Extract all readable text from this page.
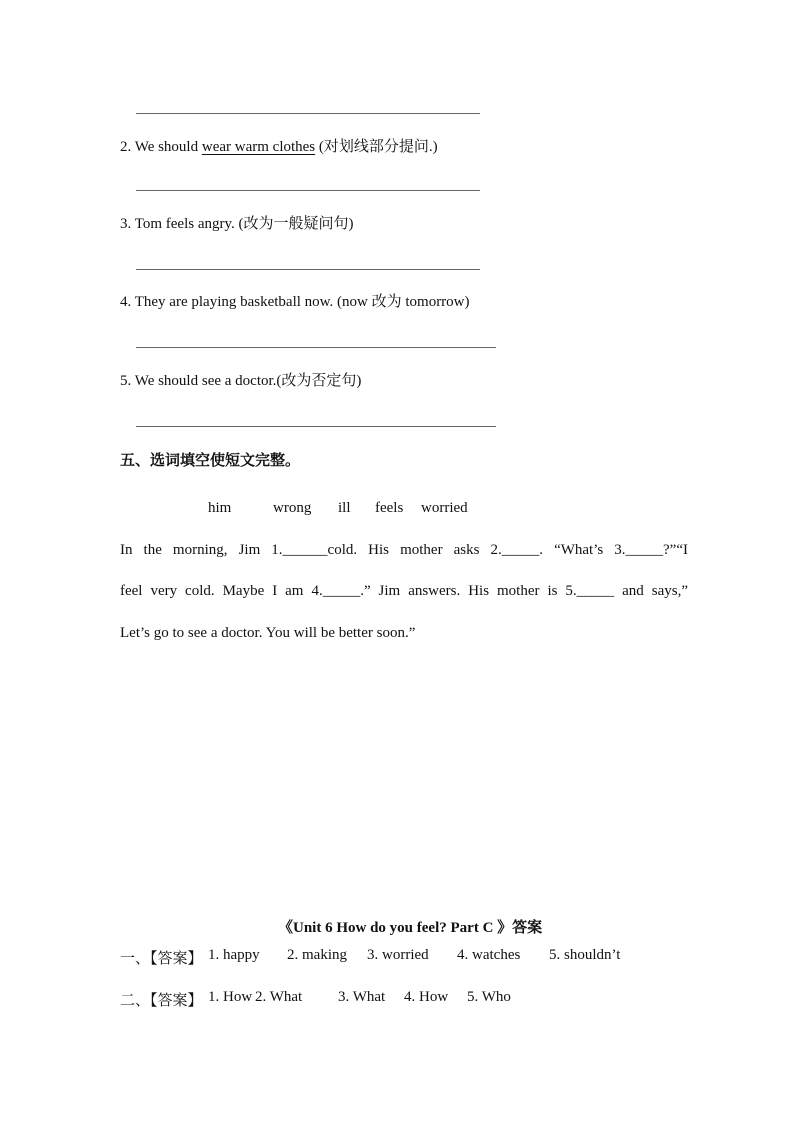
2. We should wear warm clothes (对划线部分提问.)
3. Tom feels angry. (改为一般疑问句)
4. They are playing basketball now. (now 改为 tomorrow)
5. We should see a doctor.(改为否定句)
五、选词填空使短文完整。
him	wrong ill feels worried
In the morning, Jim 1.______cold. His mother asks 2._____. “What’s 3._____?”“I
feel very cold. Maybe I am 4._____.” Jim answers. His mother is 5._____ and says,”
Let’s go to see a doctor. You will be better soon.”
《Unit 6 How do you feel? Part C 》答案
一、【答案】 1. happy 2. making 3. worried 4. watches 5. shouldn’t
二、【答案】 1. How 2. What 3. What 4. How 5. Who
